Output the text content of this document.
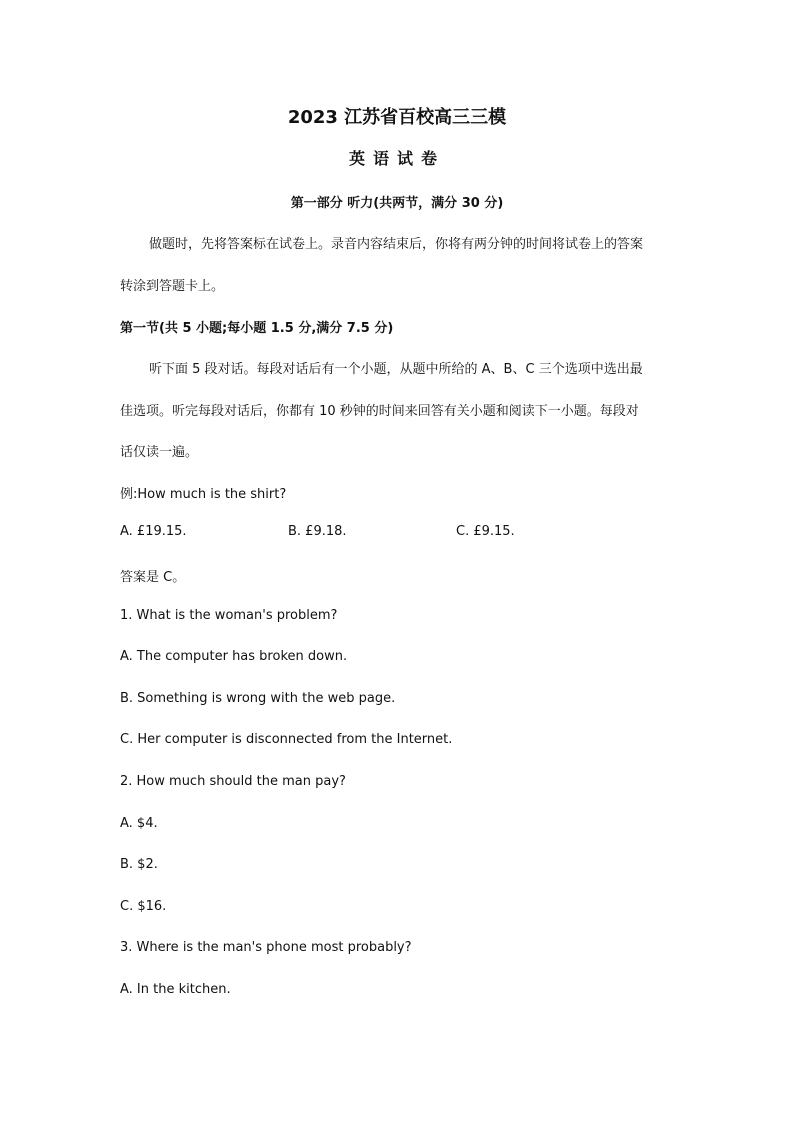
2023 江苏省百校高三三模
英语试卷
第一部分 听力(共两节，满分 30 分)
做题时，先将答案标在试卷上。录音内容结束后，你将有两分钟的时间将试卷上的答案
转涂到答题卡上。
第一节(共 5 小题;每小题 1.5 分,满分 7.5 分)
听下面 5 段对话。每段对话后有一个小题，从题中所给的 A、B、C 三个选项中选出最
佳选项。听完每段对话后，你都有 10 秒钟的时间来回答有关小题和阅读下一小题。每段对
话仅读一遍。
例:How much is the shirt?
A. £19.15.	B. £9.18.	C. £9.15.
答案是 C。
1. What is the woman's problem?
A. The computer has broken down.
B. Something is wrong with the web page.
C. Her computer is disconnected from the Internet.
2. How much should the man pay?
A. $4.
B. $2.
C. $16.
3. Where is the man's phone most probably?
A. In the kitchen.
